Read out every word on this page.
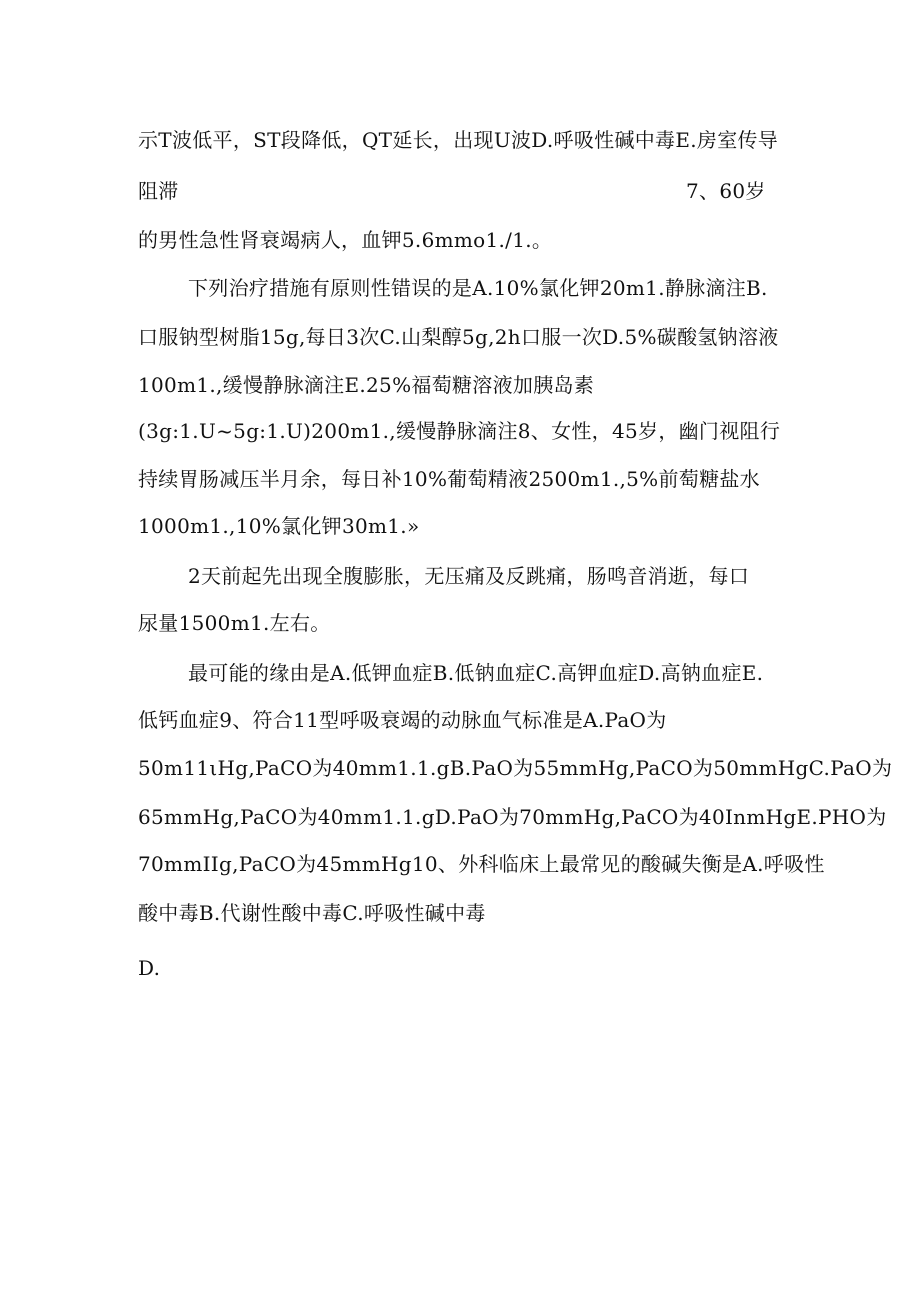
示T波低平，ST段降低，QT延长，出现U波D.呼吸性碱中毒E.房室传导
阻滞	7、60岁
的男性急性肾衰竭病人，血钾5.6mmo1./1.。
下列治疗措施有原则性错误的是A.10%氯化钾20m1.静脉滴注B.
口服钠型树脂15g,每日3次C.山梨醇5g,2h口服一次D.5%碳酸氢钠溶液
100m1.,缓慢静脉滴注E.25%福萄糖溶液加胰岛素
(3g:1.U~5g:1.U)200m1.,缓慢静脉滴注8、女性，45岁，幽门视阻行
持续胃肠减压半月余，每日补10%葡萄精液2500m1.,5%前萄糖盐水
1000m1.,10%氯化钾30m1.»
2天前起先出现全腹膨胀，无压痛及反跳痛，肠鸣音消逝，每口
尿量1500m1.左右。
最可能的缘由是A.低钾血症B.低钠血症C.高钾血症D.高钠血症E.
低钙血症9、符合11型呼吸衰竭的动脉血气标准是A.PaO为
50m11ιHg,PaCO为40mm1.1.gB.PaO为55mmHg,PaCO为50mmHgC.PaO为
65mmHg,PaCO为40mm1.1.gD.PaO为70mmHg,PaCO为40InmHgE.PHO为
70mmIIg,PaCO为45mmHg10、外科临床上最常见的酸碱失衡是A.呼吸性
酸中毒B.代谢性酸中毒C.呼吸性碱中毒
D.
